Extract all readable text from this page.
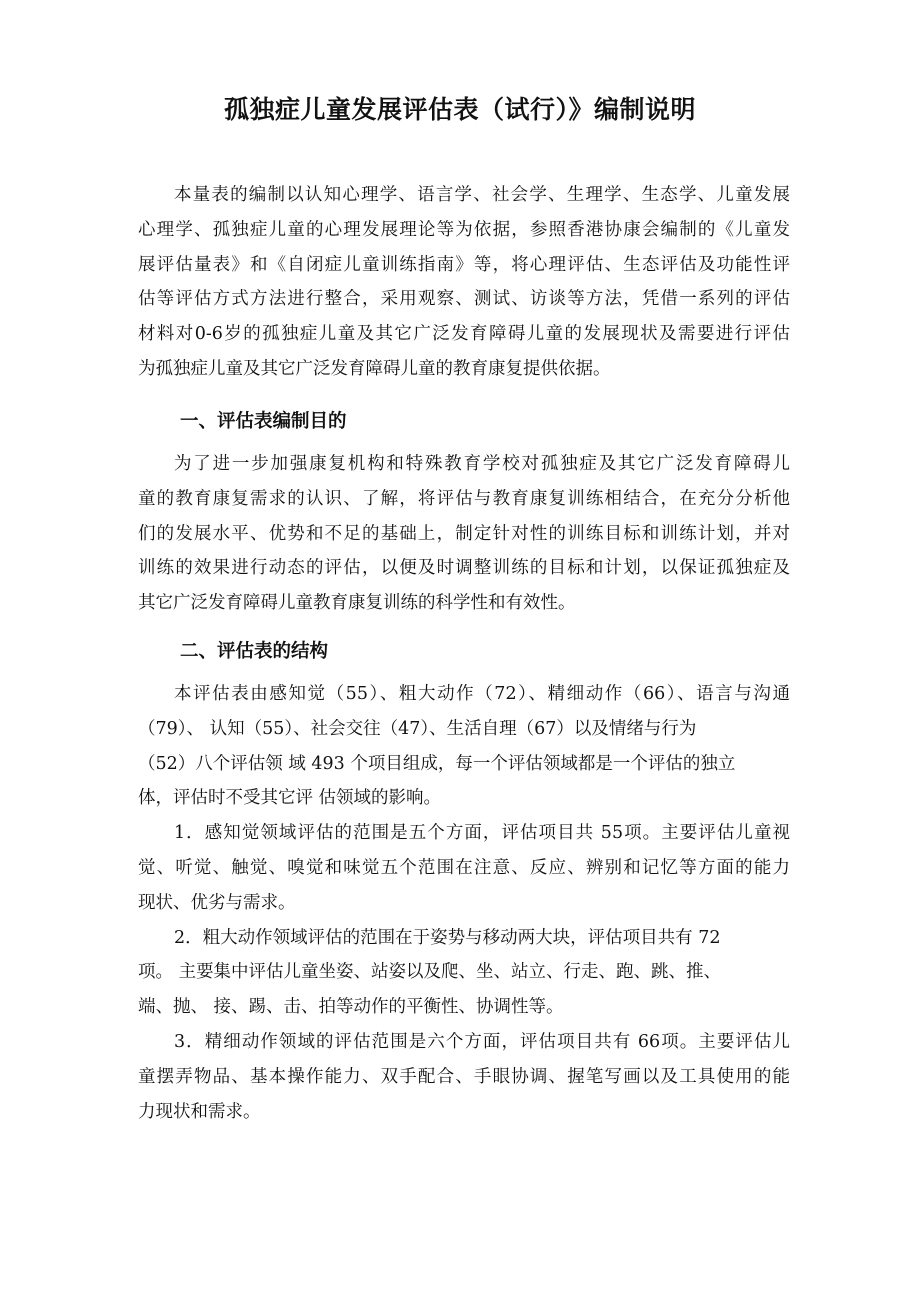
孤独症儿童发展评估表（试行）》编制说明
本量表的编制以认知心理学、语言学、社会学、生理学、生态学、儿童发展
心理学、孤独症儿童的心理发展理论等为依据，参照香港协康会编制的《儿童发
展评估量表》和《自闭症儿童训练指南》等，将心理评估、生态评估及功能性评
估等评估方式方法进行整合，采用观察、测试、访谈等方法，凭借一系列的评估
材料对0-6岁的孤独症儿童及其它广泛发育障碍儿童的发展现状及需要进行评估
为孤独症儿童及其它广泛发育障碍儿童的教育康复提供依据。
一、评估表编制目的
为了进一步加强康复机构和特殊教育学校对孤独症及其它广泛发育障碍儿
童的教育康复需求的认识、了解，将评估与教育康复训练相结合，在充分分析他
们的发展水平、优势和不足的基础上，制定针对性的训练目标和训练计划，并对
训练的效果进行动态的评估，以便及时调整训练的目标和计划，以保证孤独症及
其它广泛发育障碍儿童教育康复训练的科学性和有效性。
二、评估表的结构
本评估表由感知觉（55）、粗大动作（72）、精细动作（66）、语言与沟通
（79）、 认知（55）、社会交往（47）、生活自理（67）以及情绪与行为
（52）八个评估领 域 493 个项目组成，每一个评估领域都是一个评估的独立
体，评估时不受其它评 估领域的影响。
1．感知觉领域评估的范围是五个方面，评估项目共 55项。主要评估儿童视
觉、听觉、触觉、嗅觉和味觉五个范围在注意、反应、辨别和记忆等方面的能力
现状、优劣与需求。
2．粗大动作领域评估的范围在于姿势与移动两大块，评估项目共有 72
项。 主要集中评估儿童坐姿、站姿以及爬、坐、站立、行走、跑、跳、推、
端、抛、 接、踢、击、拍等动作的平衡性、协调性等。
3．精细动作领域的评估范围是六个方面，评估项目共有 66项。主要评估儿
童摆弄物品、基本操作能力、双手配合、手眼协调、握笔写画以及工具使用的能
力现状和需求。
